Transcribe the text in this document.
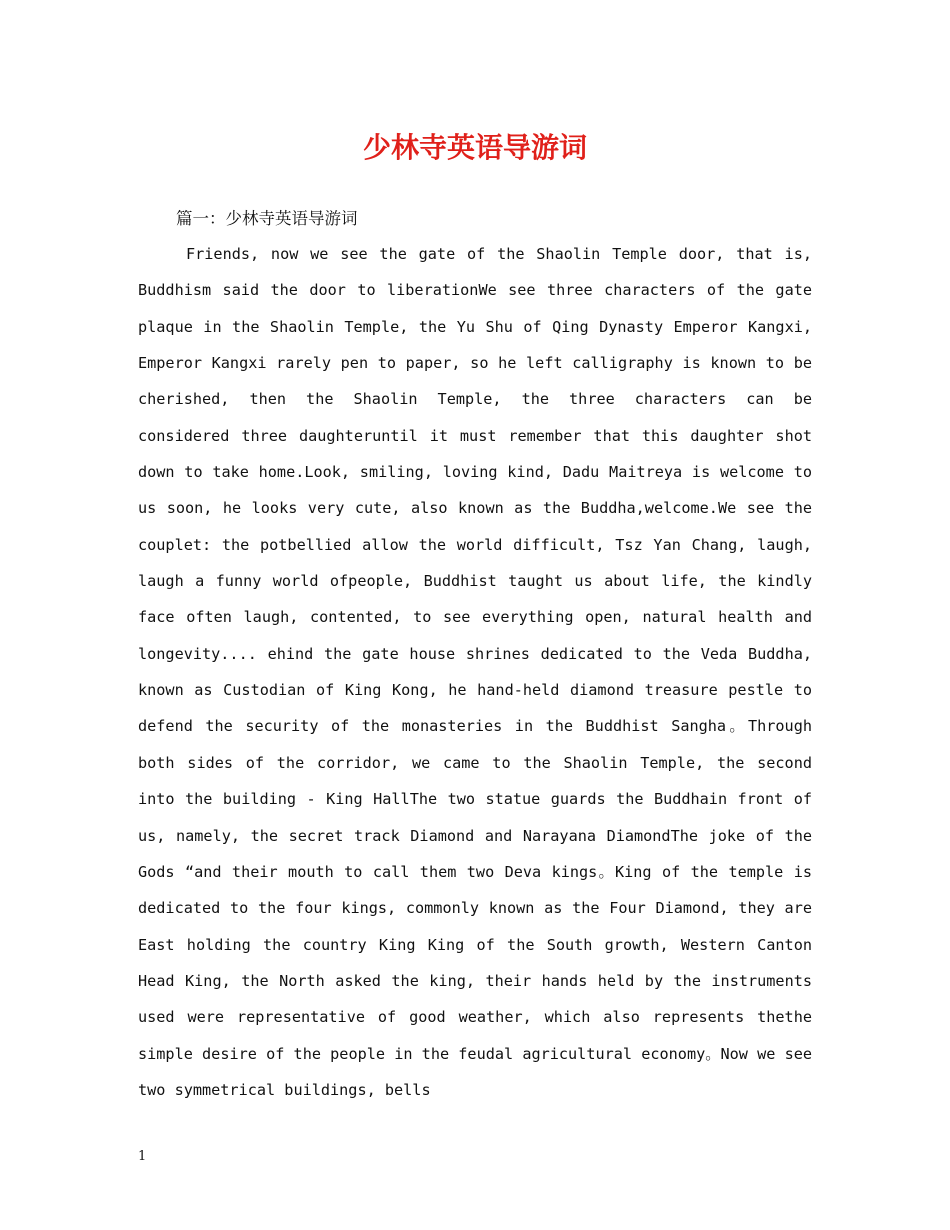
少林寺英语导游词

篇一：少林寺英语导游词

Friends, now we see the gate of the Shaolin Temple door, that is, Buddhism said the door to liberationWe see three characters of the gate plaque in the Shaolin Temple, the Yu Shu of Qing Dynasty Emperor Kangxi, Emperor Kangxi rarely pen to paper, so he left calligraphy is known to be cherished, then the Shaolin Temple, the three characters can be considered three daughteruntil it must remember that this daughter shot down to take home.Look, smiling, loving kind, Dadu Maitreya is welcome to us soon, he looks very cute, also known as the Buddha,welcome.We see the couplet: the potbellied allow the world difficult, Tsz Yan Chang, laugh, laugh a funny world ofpeople, Buddhist taught us about life, the kindly face often laugh, contented, to see everything open, natural health and longevity.... ehind the gate house shrines dedicated to the Veda Buddha, known as Custodian of King Kong, he hand-held diamond treasure pestle to defend the security of the monasteries in the Buddhist Sangha。Through both sides of the corridor, we came to the Shaolin Temple, the second into the building - King HallThe two statue guards the Buddhain front of us, namely, the secret track Diamond and Narayana DiamondThe joke of the Gods “and their mouth to call them two Deva kings。King of the temple is dedicated to the four kings, commonly known as the Four Diamond, they are East holding the country King King of the South growth, Western Canton Head King, the North asked the king, their hands held by the instruments used were representative of good weather, which also represents thethe simple desire of the people in the feudal agricultural economy。Now we see two symmetrical buildings, bells

1
